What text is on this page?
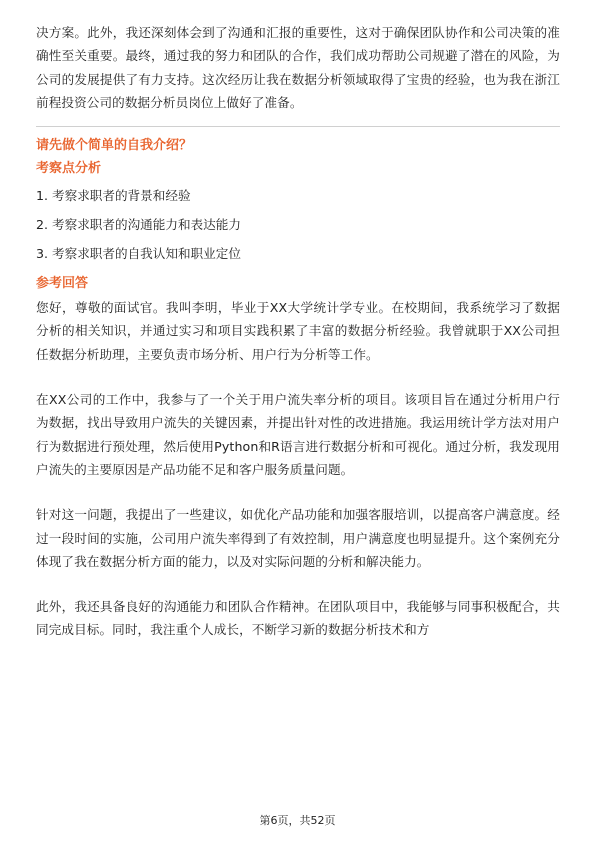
决方案。此外，我还深刻体会到了沟通和汇报的重要性，这对于确保团队协作和公司决策的准确性至关重要。最终，通过我的努力和团队的合作，我们成功帮助公司规避了潜在的风险，为公司的发展提供了有力支持。这次经历让我在数据分析领域取得了宝贵的经验，也为我在浙江前程投资公司的数据分析员岗位上做好了准备。

请先做个简单的自我介绍？

考察点分析

1. 考察求职者的背景和经验
2. 考察求职者的沟通能力和表达能力
3. 考察求职者的自我认知和职业定位

参考回答

您好，尊敬的面试官。我叫李明，毕业于XX大学统计学专业。在校期间，我系统学习了数据分析的相关知识，并通过实习和项目实践积累了丰富的数据分析经验。我曾就职于XX公司担任数据分析助理，主要负责市场分析、用户行为分析等工作。

在XX公司的工作中，我参与了一个关于用户流失率分析的项目。该项目旨在通过分析用户行为数据，找出导致用户流失的关键因素，并提出针对性的改进措施。我运用统计学方法对用户行为数据进行预处理，然后使用Python和R语言进行数据分析和可视化。通过分析，我发现用户流失的主要原因是产品功能不足和客户服务质量问题。

针对这一问题，我提出了一些建议，如优化产品功能和加强客服培训，以提高客户满意度。经过一段时间的实施，公司用户流失率得到了有效控制，用户满意度也明显提升。这个案例充分体现了我在数据分析方面的能力，以及对实际问题的分析和解决能力。

此外，我还具备良好的沟通能力和团队合作精神。在团队项目中，我能够与同事积极配合，共同完成目标。同时，我注重个人成长，不断学习新的数据分析技术和方

第6页，共52页
